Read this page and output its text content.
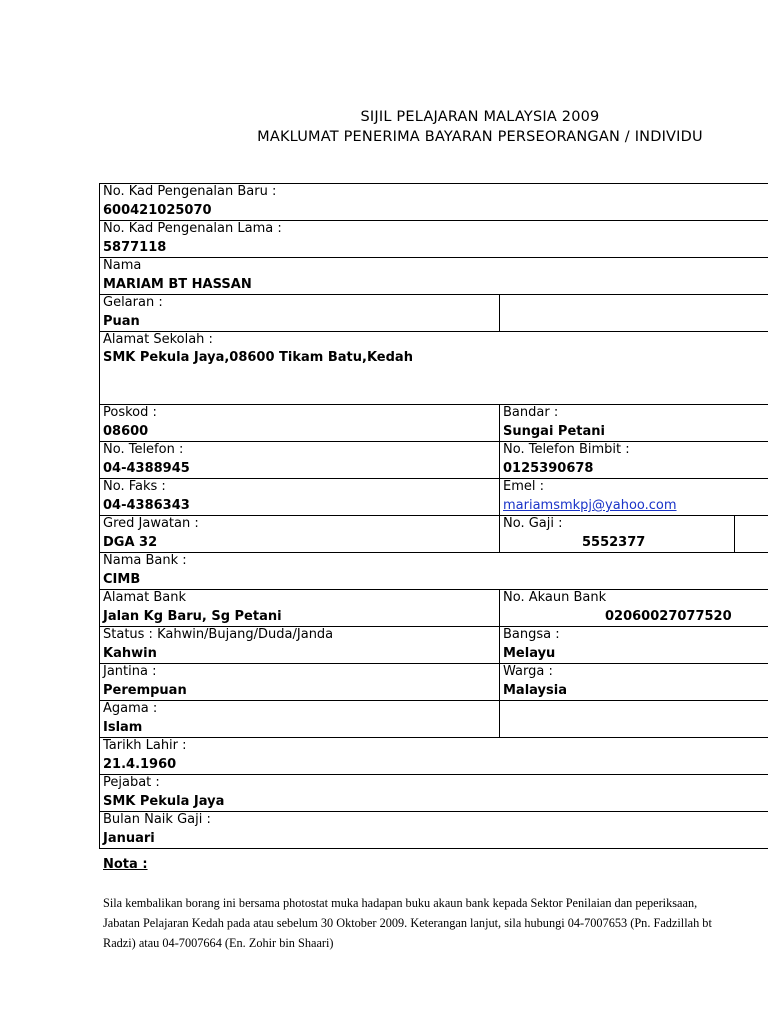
SIJIL PELAJARAN MALAYSIA 2009
MAKLUMAT PENERIMA BAYARAN PERSEORANGAN / INDIVIDU
No. Kad Pengenalan Baru :
600421025070
No. Kad Pengenalan Lama :
5877118
Nama
MARIAM BT HASSAN
Gelaran :
Puan
Alamat Sekolah :
SMK Pekula Jaya,08600 Tikam Batu,Kedah
Poskod :
08600
Bandar :
Sungai Petani
No. Telefon :
04-4388945
No. Telefon Bimbit :
0125390678
No. Faks :
04-4386343
Emel :
mariamsmkpj@yahoo.com
Gred Jawatan :
DGA 32
No. Gaji :
5552377
Nama Bank :
CIMB
Alamat Bank
Jalan Kg Baru, Sg Petani
No. Akaun Bank
02060027077520
Status : Kahwin/Bujang/Duda/Janda
Kahwin
Bangsa :
Melayu
Jantina :
Perempuan
Warga :
Malaysia
Agama :
Islam
Tarikh Lahir :
21.4.1960
Pejabat :
SMK Pekula Jaya
Bulan Naik Gaji :
Januari
Nota :
Sila kembalikan borang ini bersama photostat muka hadapan buku akaun bank kepada Sektor Penilaian dan peperiksaan, Jabatan Pelajaran Kedah pada atau sebelum 30 Oktober 2009. Keterangan lanjut, sila hubungi 04-7007653 (Pn. Fadzillah bt Radzi) atau 04-7007664 (En. Zohir bin Shaari)
